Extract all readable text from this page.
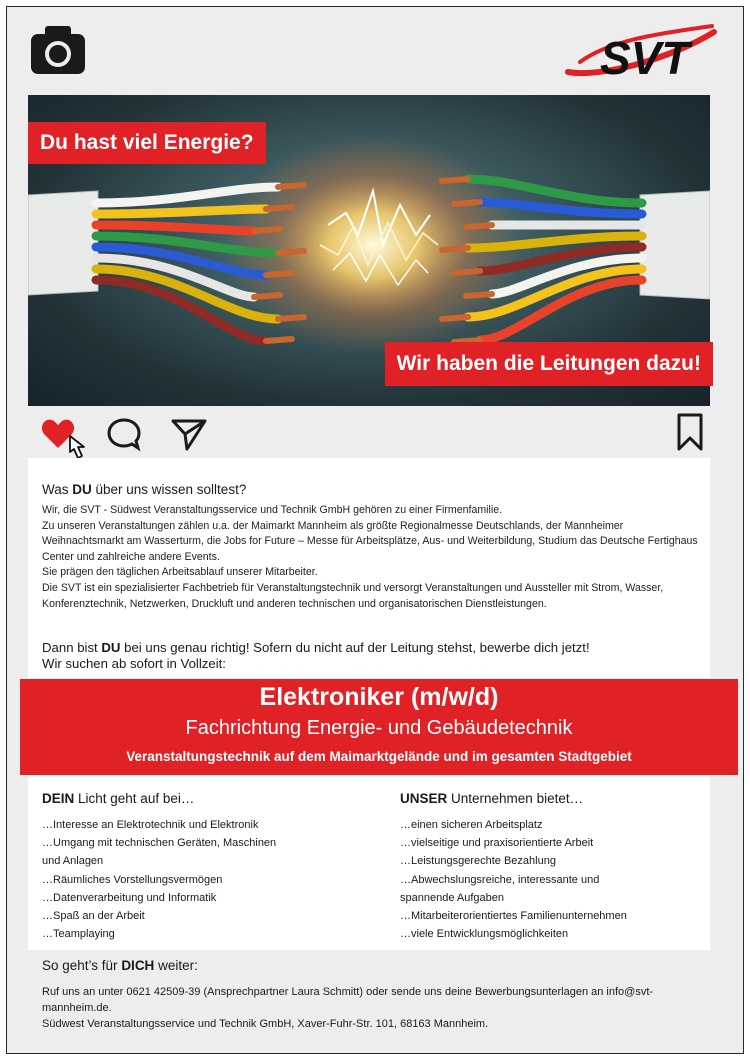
SVT
Du hast viel Energie?
Wir haben die Leitungen dazu!
Was DU über uns wissen solltest?

Wir, die SVT - Südwest Veranstaltungsservice und Technik GmbH gehören zu einer Firmenfamilie.

Zu unseren Veranstaltungen zählen u.a. der Maimarkt Mannheim als größte Regionalmesse Deutschlands, der Mannheimer Weihnachtsmarkt am Wasserturm, die Jobs for Future – Messe für Arbeitsplätze, Aus- und Weiterbildung, Studium das Deutsche Fertighaus Center und zahlreiche andere Events.

Sie prägen den täglichen Arbeitsablauf unserer Mitarbeiter.

Die SVT ist ein spezialisierter Fachbetrieb für Veranstaltungstechnik und versorgt Veranstaltungen und Aussteller mit Strom, Wasser, Konferenztechnik, Netzwerken, Druckluft und anderen technischen und organisatorischen Dienstleistungen.

Dann bist DU bei uns genau richtig! Sofern du nicht auf der Leitung stehst, bewerbe dich jetzt!
Wir suchen ab sofort in Vollzeit:
Elektroniker (m/w/d)
Fachrichtung Energie- und Gebäudetechnik
Veranstaltungstechnik auf dem Maimarktgelände und im gesamten Stadtgebiet
DEIN Licht geht auf bei…
…Interesse an Elektrotechnik und Elektronik
…Umgang mit technischen Geräten, Maschinen
und Anlagen
…Räumliches Vorstellungsvermögen
…Datenverarbeitung und Informatik
…Spaß an der Arbeit
…Teamplaying
UNSER Unternehmen bietet…
…einen sicheren Arbeitsplatz
…vielseitige und praxisorientierte Arbeit
…Leistungsgerechte Bezahlung
…Abwechslungsreiche, interessante und
spannende Aufgaben
…Mitarbeiterorientiertes Familienunternehmen
…viele Entwicklungsmöglichkeiten
So geht’s für DICH weiter:

Ruf uns an unter 0621 42509-39 (Ansprechpartner Laura Schmitt) oder sende uns deine Bewerbungsunterlagen an info@svt-mannheim.de.

Südwest Veranstaltungsservice und Technik GmbH, Xaver-Fuhr-Str. 101, 68163 Mannheim.
